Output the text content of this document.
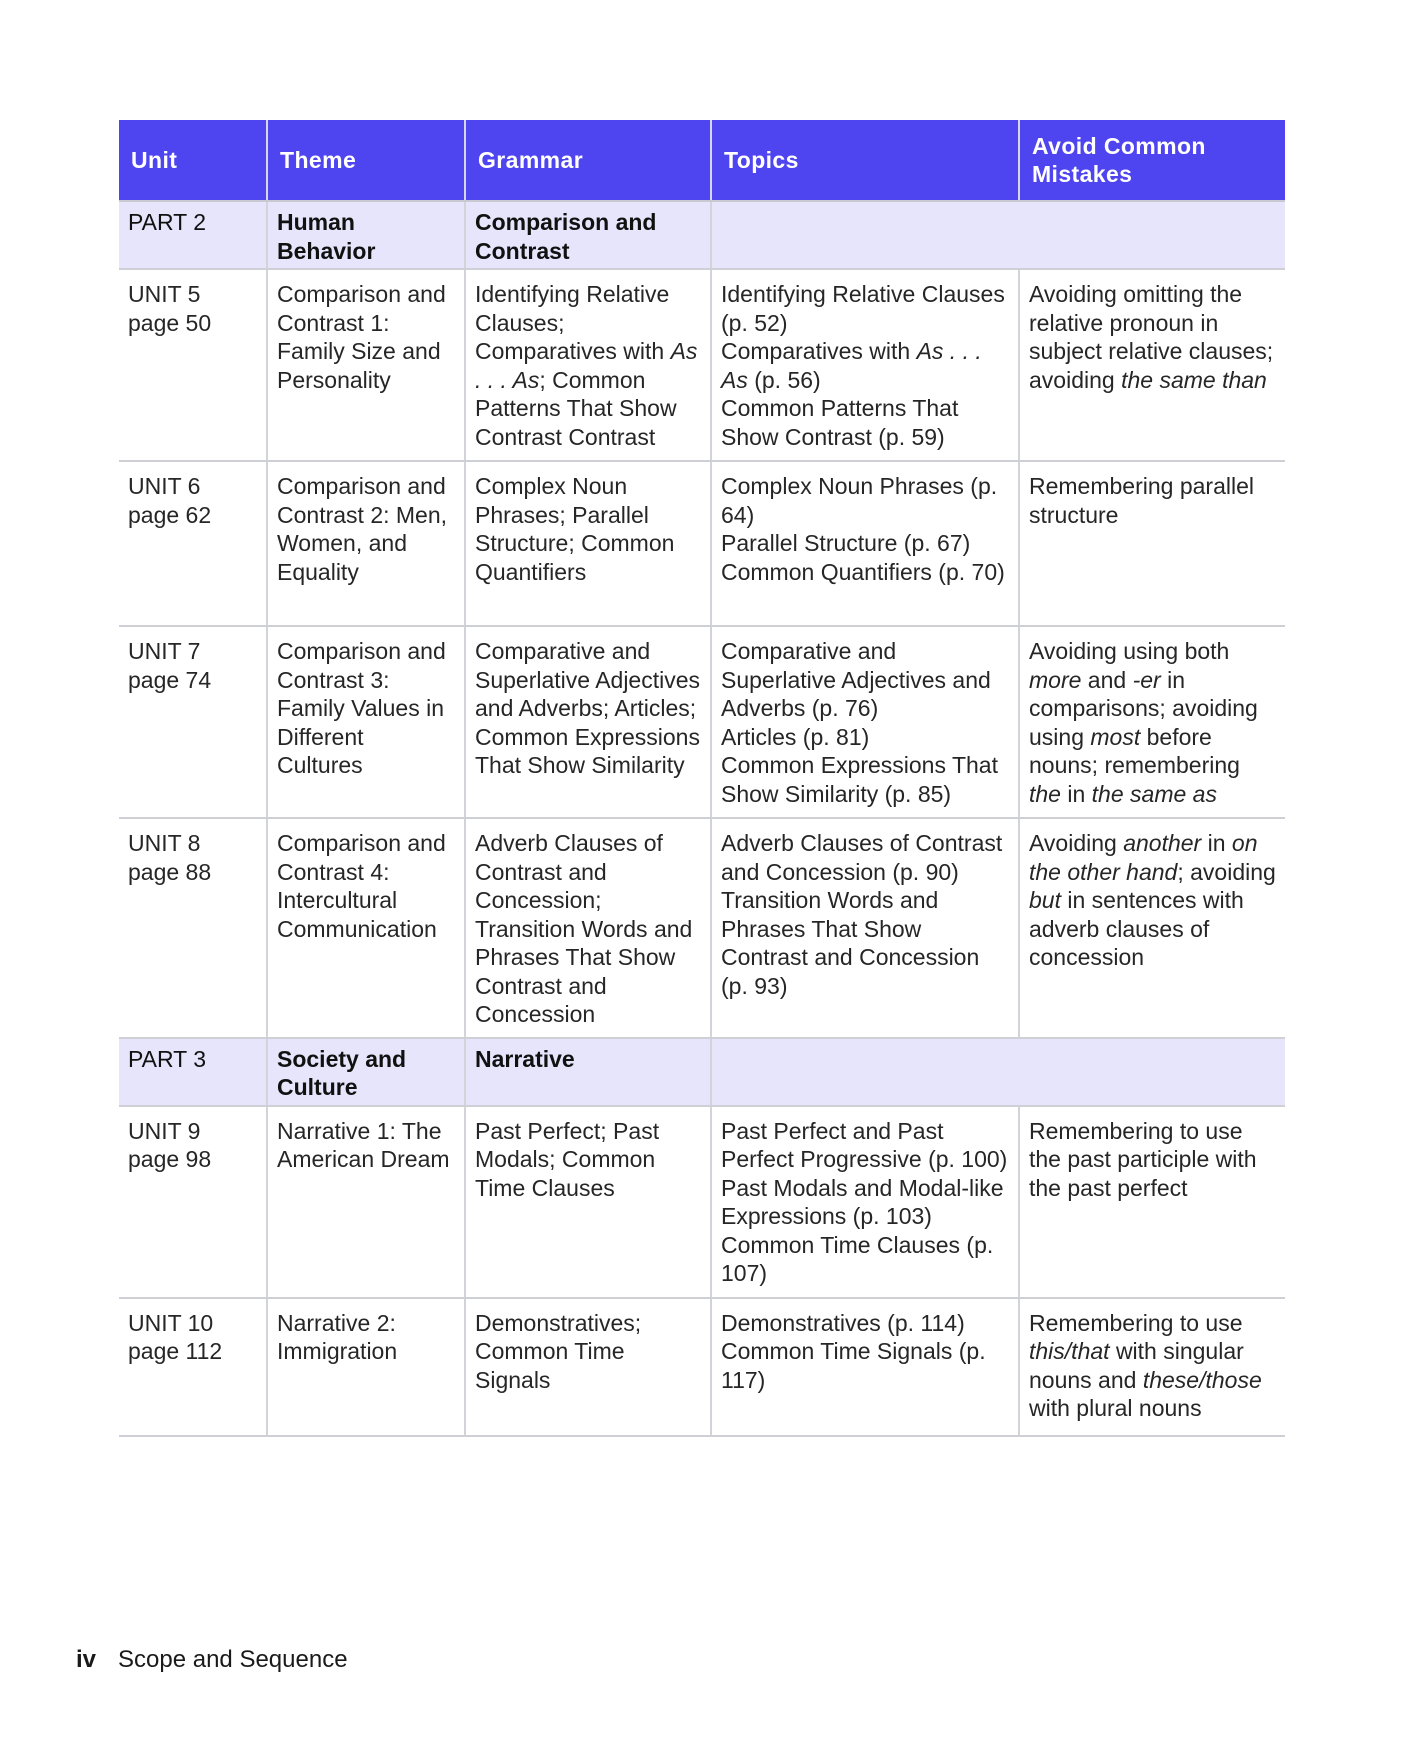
Unit	Theme	Grammar	Topics	Avoid Common Mistakes
PART 2	Human Behavior	Comparison and Contrast		

UNIT 5
page 50	Comparison and Contrast 1: Family Size and Personality	Identifying Relative Clauses; Comparatives with As . . . As; Common Patterns That Show Contrast Contrast	Identifying Relative Clauses (p. 52)
Comparatives with As . . . As (p. 56)
Common Patterns That Show Contrast (p. 59)	Avoiding omitting the relative pronoun in subject relative clauses; avoiding the same than

UNIT 6
page 62	Comparison and Contrast 2: Men, Women, and Equality	Complex Noun Phrases; Parallel Structure; Common Quantifiers	Complex Noun Phrases (p. 64)
Parallel Structure (p. 67)
Common Quantifiers (p. 70)	Remembering parallel structure

UNIT 7
page 74	Comparison and Contrast 3: Family Values in Different Cultures	Comparative and Superlative Adjectives and Adverbs; Articles; Common Expressions That Show Similarity	Comparative and Superlative Adjectives and Adverbs (p. 76)
Articles (p. 81)
Common Expressions That Show Similarity (p. 85)	Avoiding using both more and -er in comparisons; avoiding using most before nouns; remembering the in the same as

UNIT 8
page 88	Comparison and Contrast 4: Intercultural Communication	Adverb Clauses of Contrast and Concession; Transition Words and Phrases That Show Contrast and Concession	Adverb Clauses of Contrast and Concession (p. 90)
Transition Words and Phrases That Show Contrast and Concession (p. 93)	Avoiding another in on the other hand; avoiding but in sentences with adverb clauses of concession
PART 3	Society and Culture	Narrative		

UNIT 9
page 98	Narrative 1: The American Dream	Past Perfect; Past Modals; Common Time Clauses	Past Perfect and Past Perfect Progressive (p. 100)
Past Modals and Modal-like Expressions (p. 103)
Common Time Clauses (p. 107)	Remembering to use the past participle with the past perfect

UNIT 10
page 112	Narrative 2: Immigration	Demonstratives; Common Time Signals	Demonstratives (p. 114)
Common Time Signals (p. 117)	Remembering to use this/that with singular nouns and these/those with plural nouns
iv Scope and Sequence
